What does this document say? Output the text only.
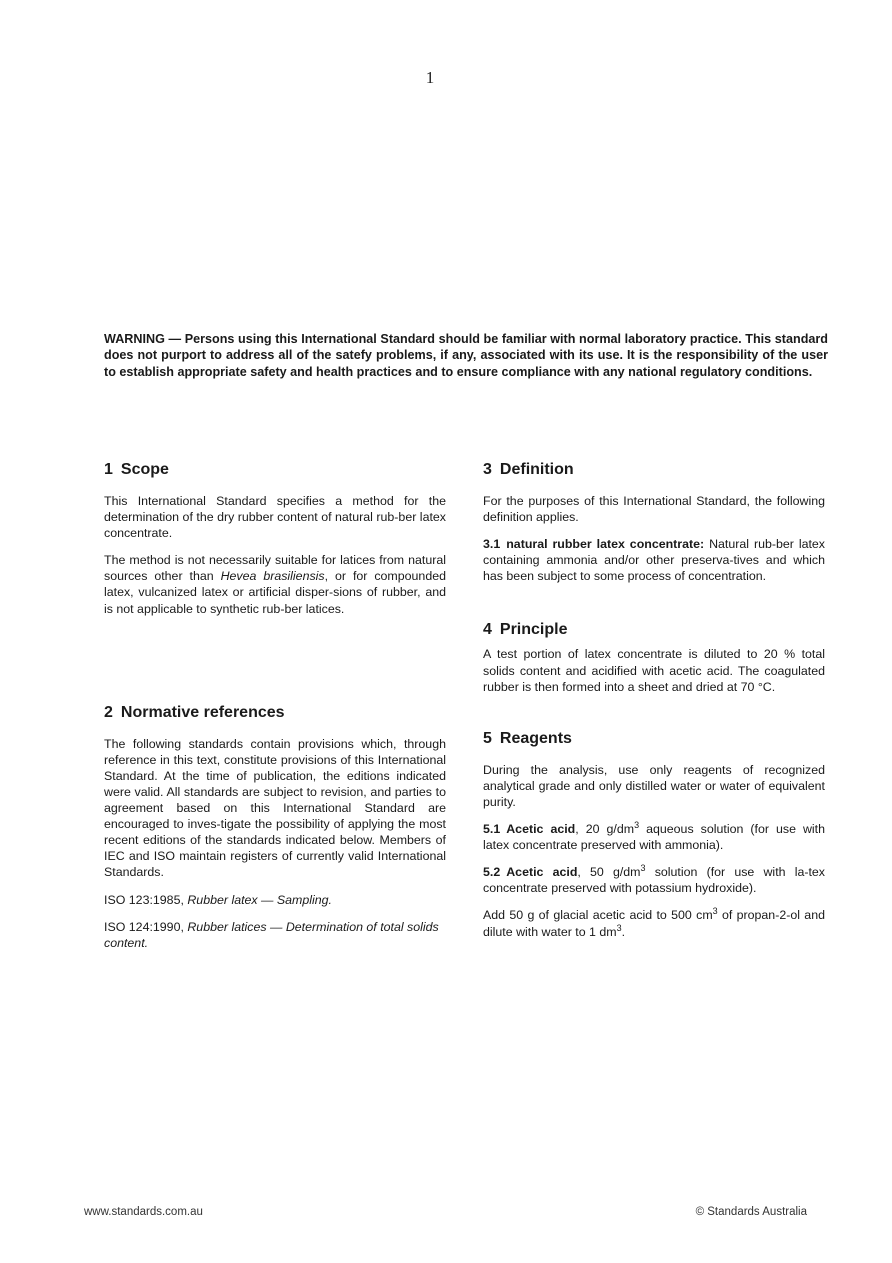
1
WARNING — Persons using this International Standard should be familiar with normal laboratory practice. This standard does not purport to address all of the satefy problems, if any, associated with its use. It is the responsibility of the user to establish appropriate safety and health practices and to ensure compliance with any national regulatory conditions.
1 Scope

This International Standard specifies a method for the determination of the dry rubber content of natural rub-ber latex concentrate.

The method is not necessarily suitable for latices from natural sources other than Hevea brasiliensis, or for compounded latex, vulcanized latex or artificial disper-sions of rubber, and is not applicable to synthetic rub-ber latices.

2 Normative references

The following standards contain provisions which, through reference in this text, constitute provisions of this International Standard. At the time of publication, the editions indicated were valid. All standards are subject to revision, and parties to agreement based on this International Standard are encouraged to inves-tigate the possibility of applying the most recent editions of the standards indicated below. Members of IEC and ISO maintain registers of currently valid International Standards.

ISO 123:1985, Rubber latex — Sampling.

ISO 124:1990, Rubber latices — Determination of total solids content.

3 Definition

For the purposes of this International Standard, the following definition applies.

3.1 natural rubber latex concentrate: Natural rub-ber latex containing ammonia and/or other preserva-tives and which has been subject to some process of concentration.

4 Principle

A test portion of latex concentrate is diluted to 20 % total solids content and acidified with acetic acid. The coagulated rubber is then formed into a sheet and dried at 70 °C.

5 Reagents

During the analysis, use only reagents of recognized analytical grade and only distilled water or water of equivalent purity.

5.1 Acetic acid, 20 $g/dm^3$ aqueous solution (for use with latex concentrate preserved with ammonia).

5.2 Acetic acid, 50 $g/dm^3$ solution (for use with la-tex concentrate preserved with potassium hydroxide).

Add 50 g of glacial acetic acid to 500 $cm^3$ of propan-2-ol and dilute with water to 1 $dm^3$.

www.standards.com.au	© Standards Australia
